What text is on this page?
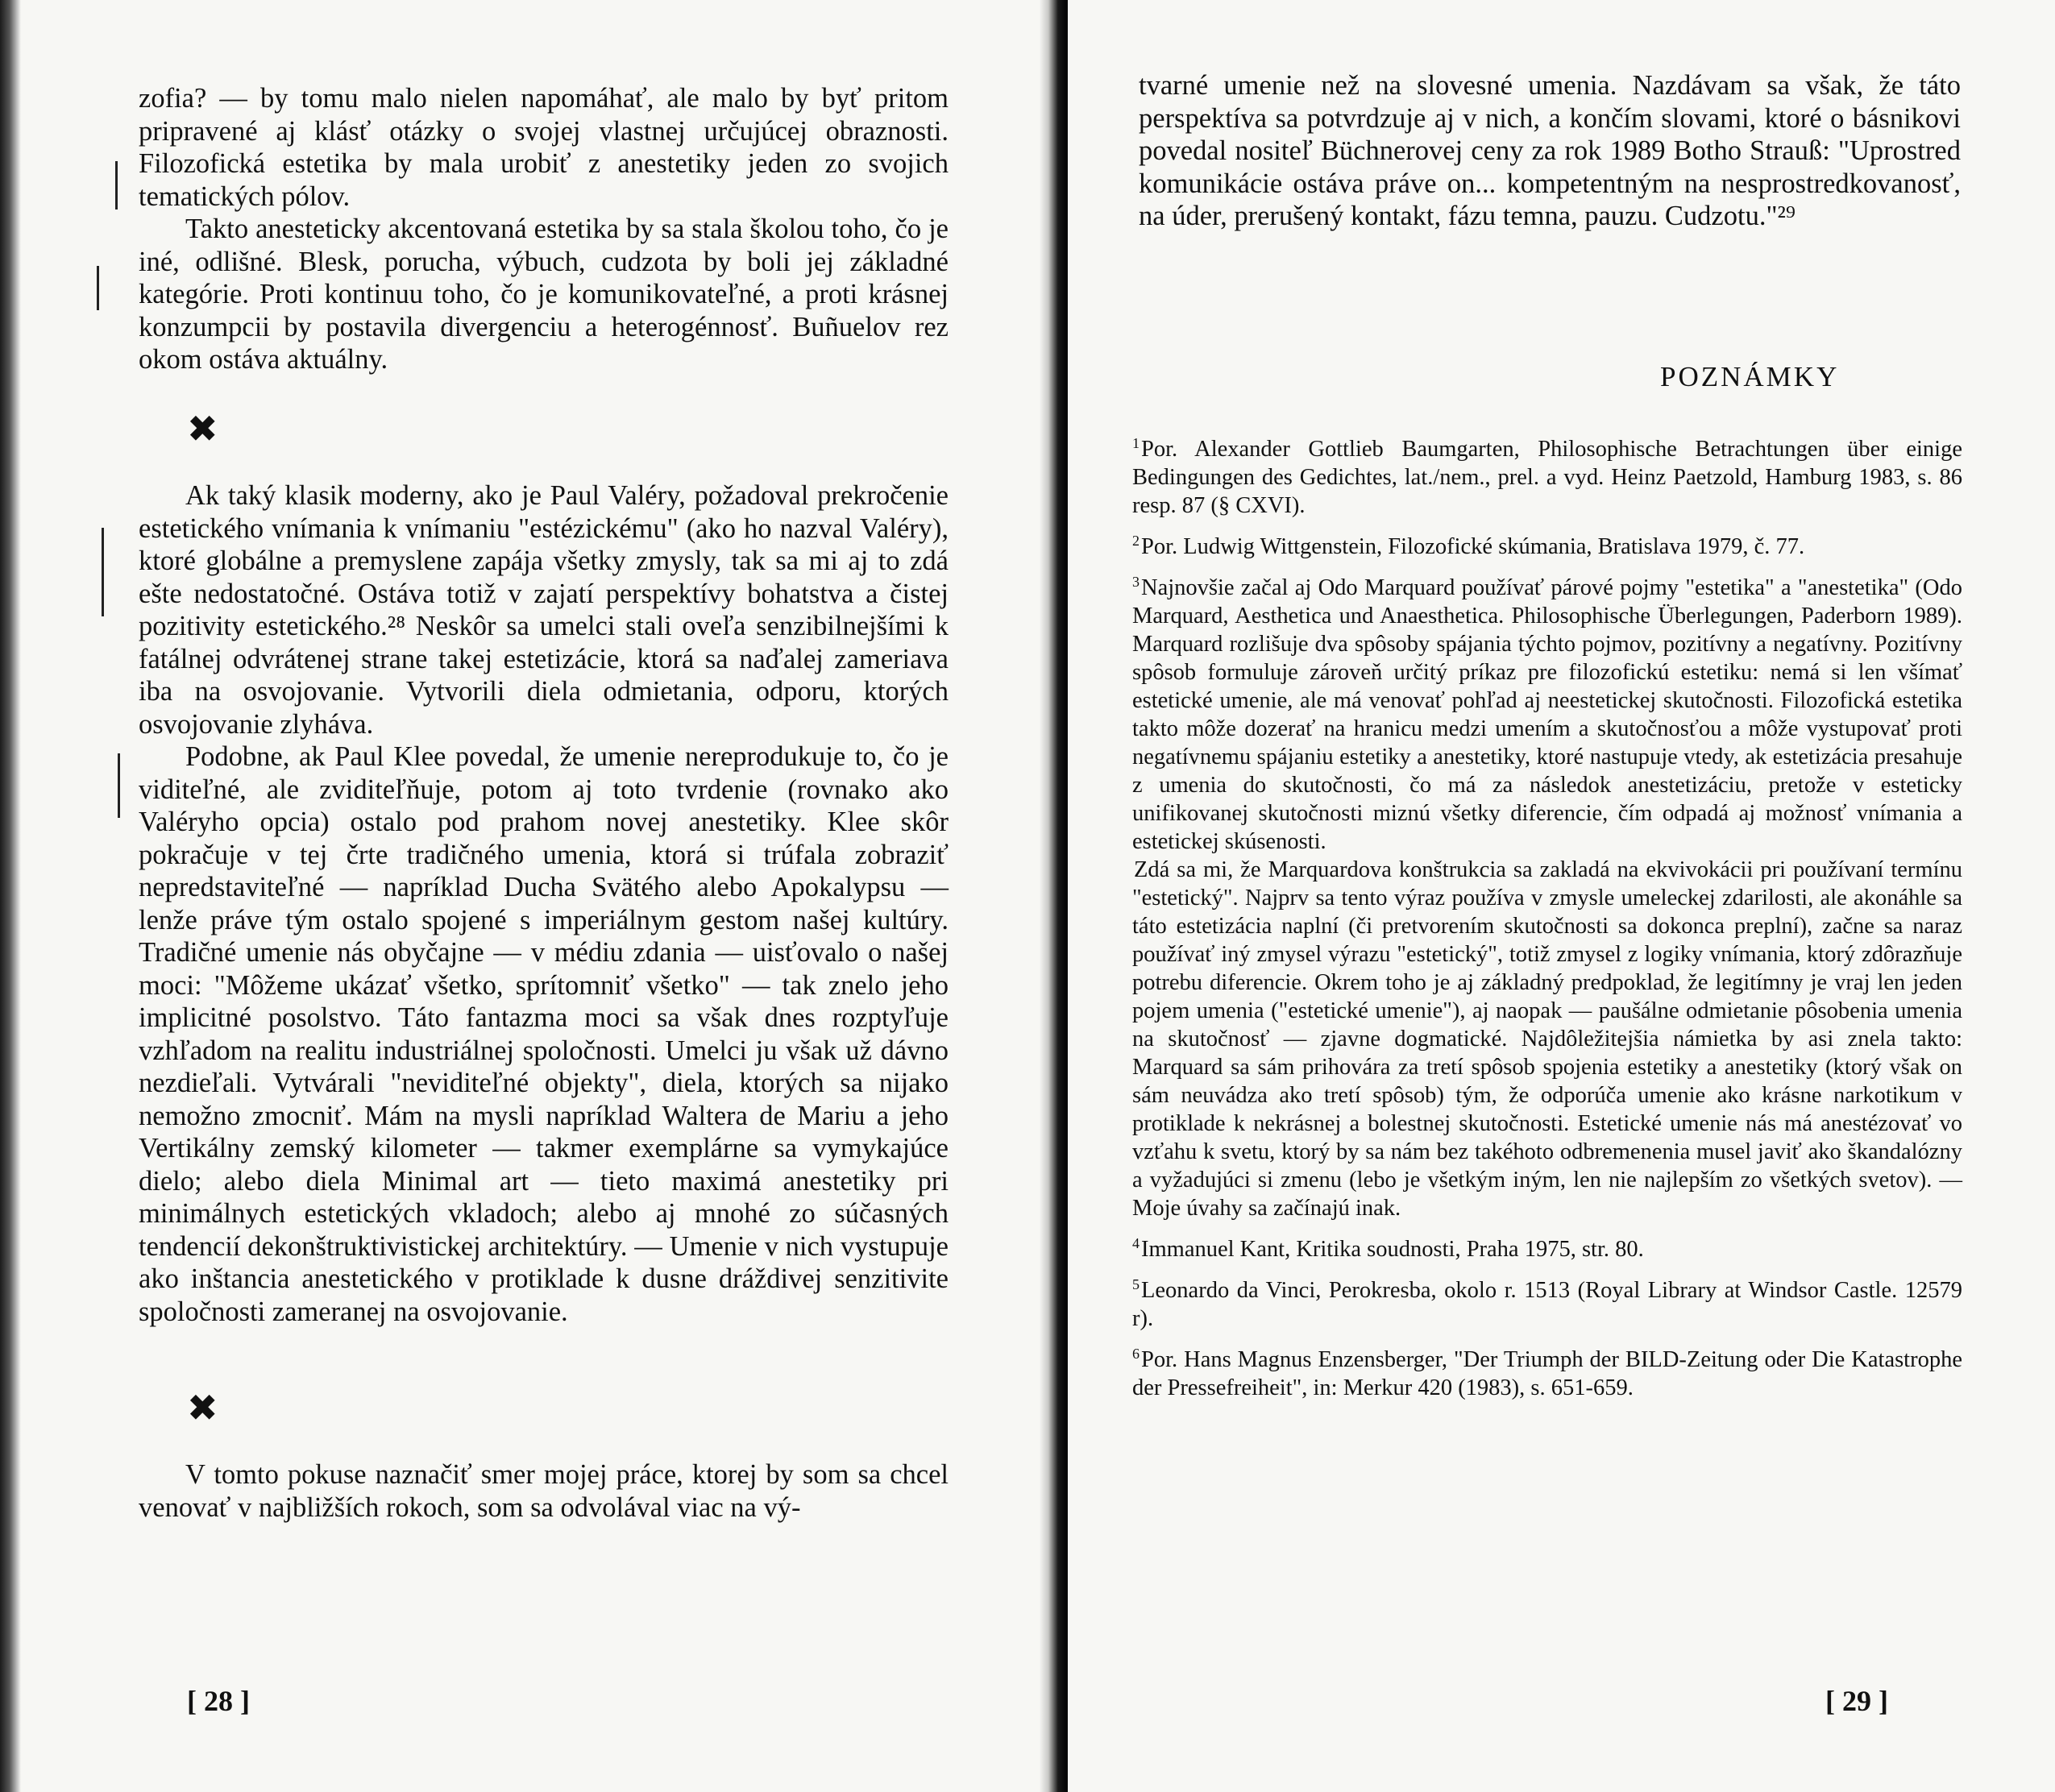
zofia? — by tomu malo nielen napomáhať, ale malo by byť pritom pripravené aj klásť otázky o svojej vlastnej určujúcej obraznosti. Filozofická estetika by mala urobiť z anestetiky jeden zo svojich tematických pólov.

Takto anesteticky akcentovaná estetika by sa stala školou toho, čo je iné, odlišné. Blesk, porucha, výbuch, cudzota by boli jej základné kategórie. Proti kontinuu toho, čo je komunikovateľné, a proti krásnej konzumpcii by postavila divergenciu a heterogénnosť. Buñuelov rez okom ostáva aktuálny.

✖

Ak taký klasik moderny, ako je Paul Valéry, požadoval prekročenie estetického vnímania k vnímaniu "estézickému" (ako ho nazval Valéry), ktoré globálne a premyslene zapája všetky zmysly, tak sa mi aj to zdá ešte nedostatočné. Ostáva totiž v zajatí perspektívy bohatstva a čistej pozitivity estetického.²⁸ Neskôr sa umelci stali oveľa senzibilnejšími k fatálnej odvrátenej strane takej estetizácie, ktorá sa naďalej zameriava iba na osvojovanie. Vytvorili diela odmietania, odporu, ktorých osvojovanie zlyháva.

Podobne, ak Paul Klee povedal, že umenie nereprodukuje to, čo je viditeľné, ale zviditeľňuje, potom aj toto tvrdenie (rovnako ako Valéryho opcia) ostalo pod prahom novej anestetiky. Klee skôr pokračuje v tej črte tradičného umenia, ktorá si trúfala zobraziť nepredstaviteľné — napríklad Ducha Svätého alebo Apokalypsu — lenže práve tým ostalo spojené s imperiálnym gestom našej kultúry. Tradičné umenie nás obyčajne — v médiu zdania — uisťovalo o našej moci: "Môžeme ukázať všetko, sprítomniť všetko" — tak znelo jeho implicitné posolstvo. Táto fantazma moci sa však dnes rozptyľuje vzhľadom na realitu industriálnej spoločnosti. Umelci ju však už dávno nezdieľali. Vytvárali "neviditeľné objekty", diela, ktorých sa nijako nemožno zmocniť. Mám na mysli napríklad Waltera de Mariu a jeho Vertikálny zemský kilometer — takmer exemplárne sa vymykajúce dielo; alebo diela Minimal art — tieto maximá anestetiky pri minimálnych estetických vkladoch; alebo aj mnohé zo súčasných tendencií dekonštruktivistickej architektúry. — Umenie v nich vystupuje ako inštancia anestetického v protiklade k dusne dráždivej senzitivite spoločnosti zameranej na osvojovanie.

✖

V tomto pokuse naznačiť smer mojej práce, ktorej by som sa chcel venovať v najbližších rokoch, som sa odvolával viac na vý-

[ 28 ]

tvarné umenie než na slovesné umenia. Nazdávam sa však, že táto perspektíva sa potvrdzuje aj v nich, a končím slovami, ktoré o básnikovi povedal nositeľ Büchnerovej ceny za rok 1989 Botho Strauß: "Uprostred komunikácie ostáva práve on... kompetentným na nesprostredkovanosť, na úder, prerušený kontakt, fázu temna, pauzu. Cudzotu."²⁹

POZNÁMKY

$^1$Por. Alexander Gottlieb Baumgarten, Philosophische Betrachtungen über einige Bedingungen des Gedichtes, lat./nem., prel. a vyd. Heinz Paetzold, Hamburg 1983, s. 86 resp. 87 (§ CXVI).

$^2$Por. Ludwig Wittgenstein, Filozofické skúmania, Bratislava 1979, č. 77.

$^3$Najnovšie začal aj Odo Marquard používať párové pojmy "estetika" a "anestetika" (Odo Marquard, Aesthetica und Anaesthetica. Philosophische Überlegungen, Paderborn 1989). Marquard rozlišuje dva spôsoby spájania týchto pojmov, pozitívny a negatívny. Pozitívny spôsob formuluje zároveň určitý príkaz pre filozofickú estetiku: nemá si len všímať estetické umenie, ale má venovať pohľad aj neestetickej skutočnosti. Filozofická estetika takto môže dozerať na hranicu medzi umením a skutočnosťou a môže vystupovať proti negatívnemu spájaniu estetiky a anestetiky, ktoré nastupuje vtedy, ak estetizácia presahuje z umenia do skutočnosti, čo má za následok anestetizáciu, pretože v esteticky unifikovanej skutočnosti miznú všetky diferencie, čím odpadá aj možnosť vnímania a estetickej skúsenosti.

Zdá sa mi, že Marquardova konštrukcia sa zakladá na ekvivokácii pri používaní termínu "estetický". Najprv sa tento výraz používa v zmysle umeleckej zdarilosti, ale akonáhle sa táto estetizácia naplní (či pretvorením skutočnosti sa dokonca preplní), začne sa naraz používať iný zmysel výrazu "estetický", totiž zmysel z logiky vnímania, ktorý zdôrazňuje potrebu diferencie. Okrem toho je aj základný predpoklad, že legitímny je vraj len jeden pojem umenia ("estetické umenie"), aj naopak — paušálne odmietanie pôsobenia umenia na skutočnosť — zjavne dogmatické. Najdôležitejšia námietka by asi znela takto: Marquard sa sám prihovára za tretí spôsob spojenia estetiky a anestetiky (ktorý však on sám neuvádza ako tretí spôsob) tým, že odporúča umenie ako krásne narkotikum v protiklade k nekrásnej a bolestnej skutočnosti. Estetické umenie nás má anestézovať vo vzťahu k svetu, ktorý by sa nám bez takéhoto odbremenenia musel javiť ako škandalózny a vyžadujúci si zmenu (lebo je všetkým iným, len nie najlepším zo všetkých svetov). — Moje úvahy sa začínajú inak.

$^4$Immanuel Kant, Kritika soudnosti, Praha 1975, str. 80.

$^5$Leonardo da Vinci, Perokresba, okolo r. 1513 (Royal Library at Windsor Castle. 12579 r).

$^6$Por. Hans Magnus Enzensberger, "Der Triumph der BILD-Zeitung oder Die Katastrophe der Pressefreiheit", in: Merkur 420 (1983), s. 651-659.

[ 29 ]
